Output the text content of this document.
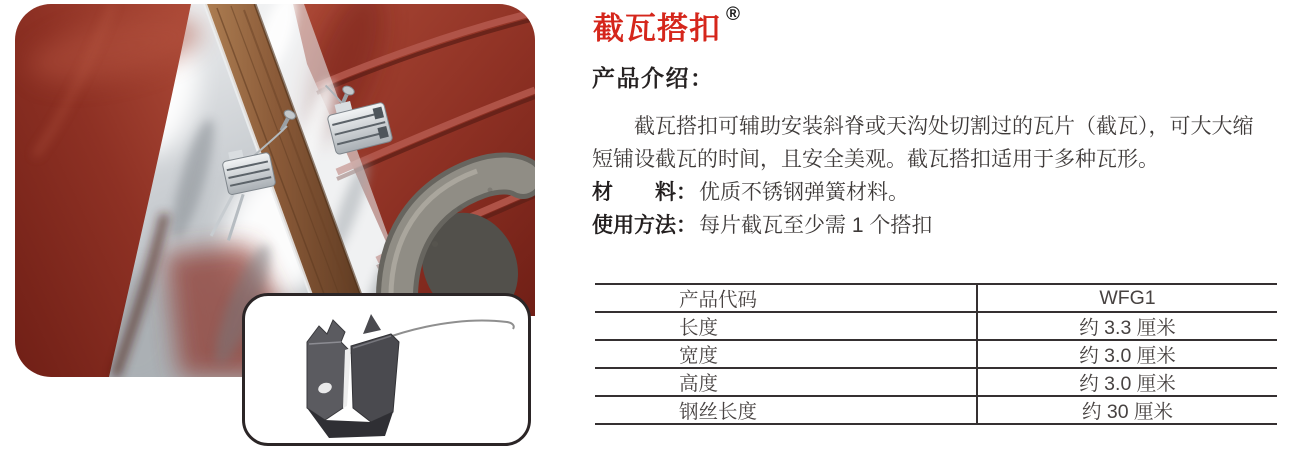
截瓦搭扣 ®
产品介绍：

截瓦搭扣可辅助安装斜脊或天沟处切割过的瓦片（截瓦），可大大缩短铺设截瓦的时间，且安全美观。截瓦搭扣适用于多种瓦形。

材　　料： 优质不锈钢弹簧材料。
使用方法： 每片截瓦至少需 1 个搭扣
产品代码	WFG1
长度	约 3.3 厘米
宽度	约 3.0 厘米
高度	约 3.0 厘米
钢丝长度	约 30 厘米
